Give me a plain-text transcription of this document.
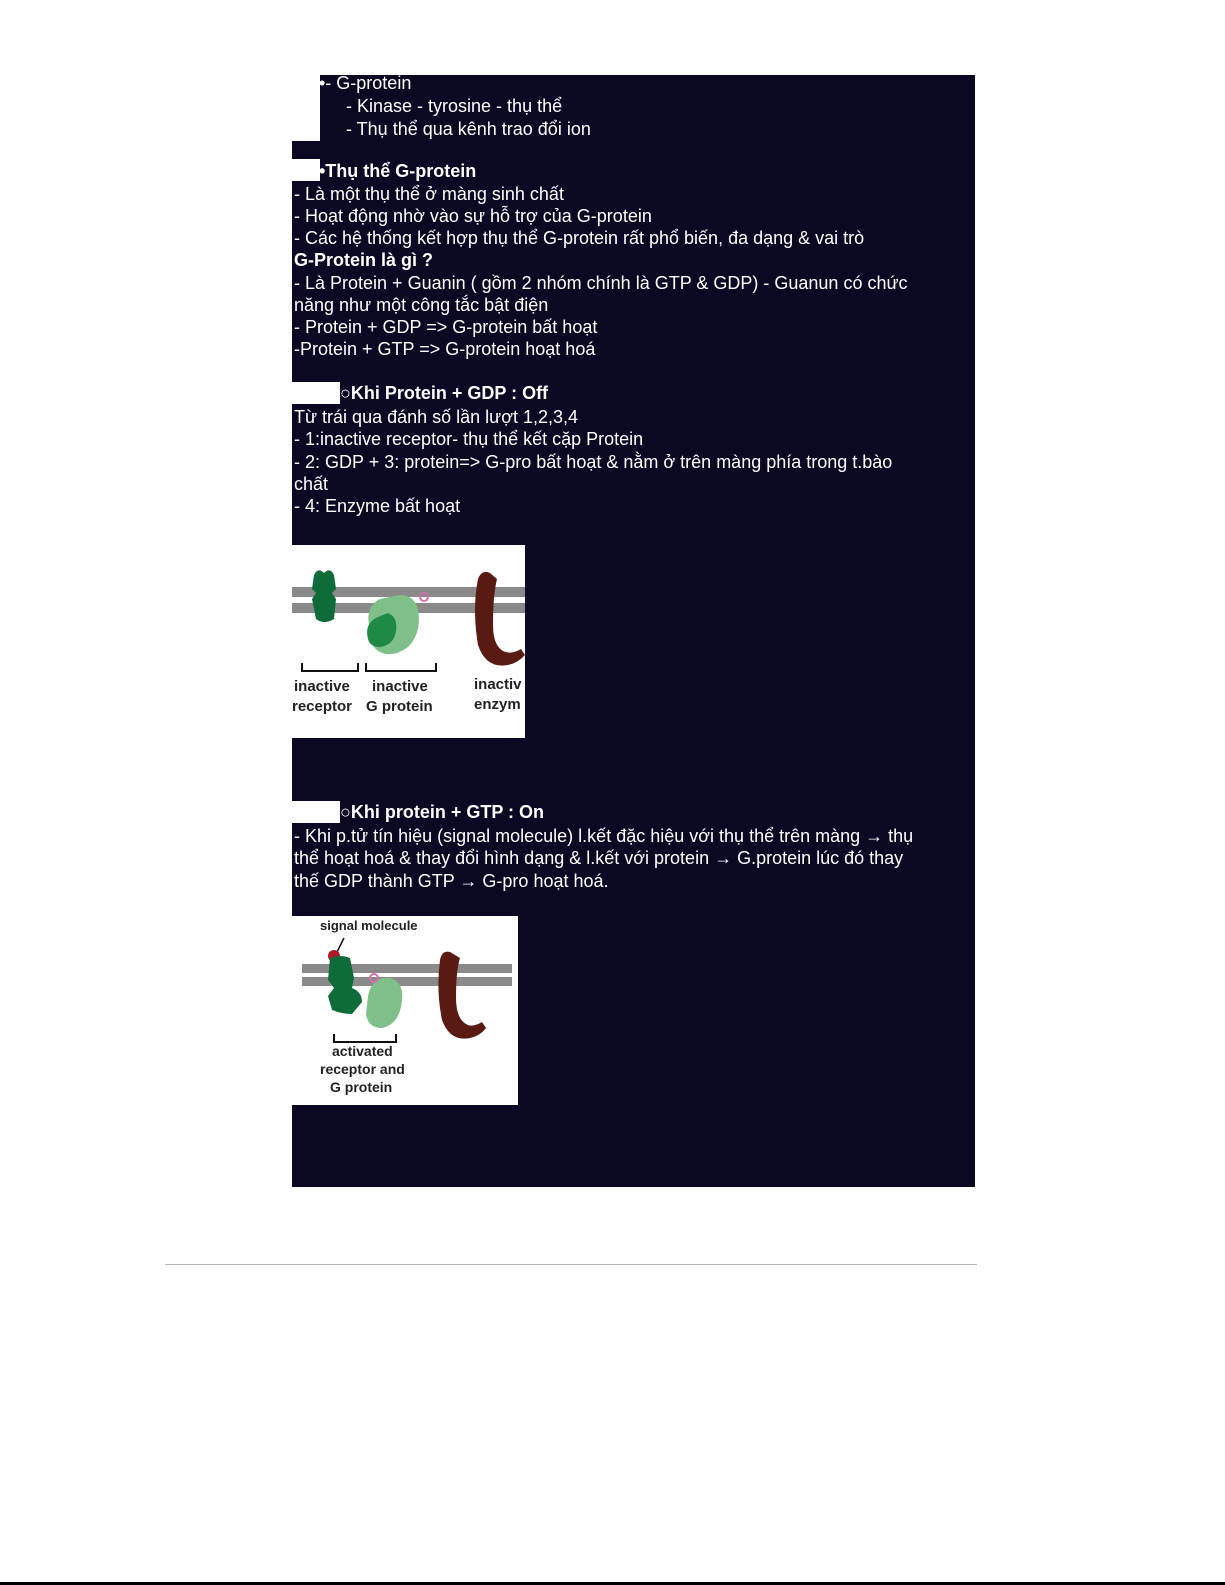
•- G-protein
- Kinase - tyrosine - thụ thể
- Thụ thể qua kênh trao đổi ion
•Thụ thể G-protein
- Là một thụ thể ở màng sinh chất
- Hoạt động nhờ vào sự hỗ trợ của G-protein
- Các hệ thống kết hợp thụ thể G-protein rất phổ biến, đa dạng & vai trò
G-Protein là gì ?
- Là Protein + Guanin ( gồm 2 nhóm chính là GTP & GDP) - Guanun có chức
năng như một công tắc bật điện
- Protein + GDP => G-protein bất hoạt
-Protein + GTP => G-protein hoạt hoá
○Khi Protein + GDP : Off
Từ trái qua đánh số lần lượt 1,2,3,4
- 1:inactive receptor- thụ thể kết cặp Protein
- 2: GDP + 3: protein=> G-pro bất hoạt & nằm ở trên màng phía trong t.bào
chất
- 4: Enzyme bất hoạt
inactive
receptor
inactive
G protein
inactiv
enzym
○Khi protein + GTP : On
- Khi p.tử tín hiệu (signal molecule) l.kết đặc hiệu với thụ thể trên màng → thụ
thể hoạt hoá & thay đổi hình dạng & l.kết với protein → G.protein lúc đó thay
thế GDP thành GTP → G-pro hoạt hoá.
signal molecule
activated
receptor and
G protein
